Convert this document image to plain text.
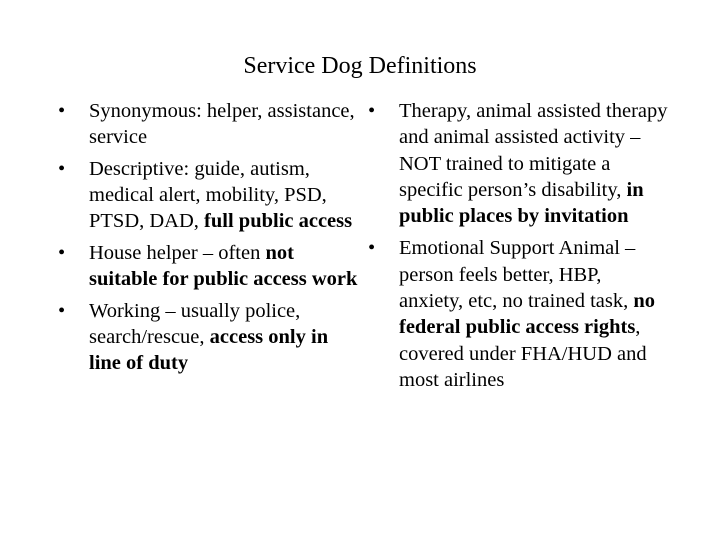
Service Dog Definitions
• Synonymous: helper, assistance, service
• Descriptive: guide, autism, medical alert, mobility, PSD, PTSD, DAD, full public access
• House helper – often not suitable for public access work
• Working – usually police, search/rescue, access only in line of duty
• Therapy, animal assisted therapy and animal assisted activity – NOT trained to mitigate a specific person’s disability, in public places by invitation
• Emotional Support Animal – person feels better, HBP, anxiety, etc, no trained task, no federal public access rights, covered under FHA/HUD and most airlines
